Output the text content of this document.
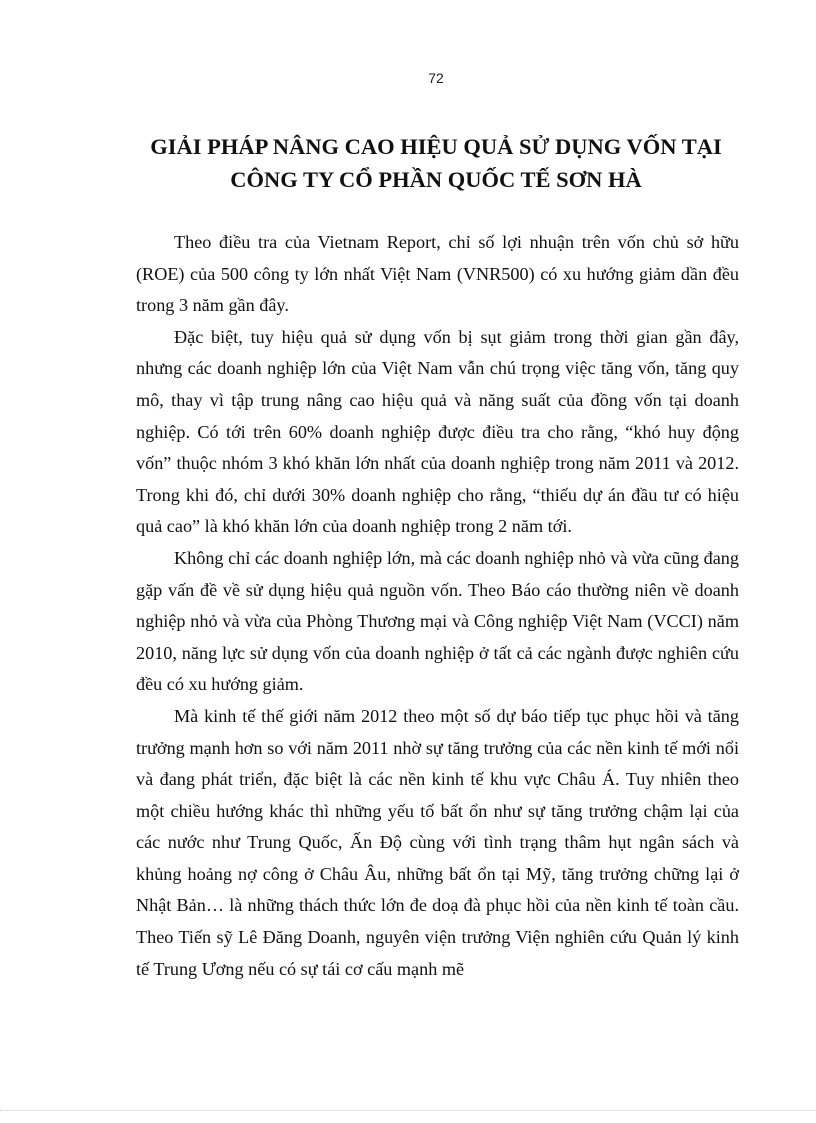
72
GIẢI PHÁP NÂNG CAO HIỆU QUẢ SỬ DỤNG VỐN TẠI
CÔNG TY CỔ PHẦN QUỐC TẾ SƠN HÀ

Theo điều tra của Vietnam Report, chỉ số lợi nhuận trên vốn chủ sở hữu (ROE) của 500 công ty lớn nhất Việt Nam (VNR500) có xu hướng giảm dần đều trong 3 năm gần đây.

Đặc biệt, tuy hiệu quả sử dụng vốn bị sụt giảm trong thời gian gần đây, nhưng các doanh nghiệp lớn của Việt Nam vẫn chú trọng việc tăng vốn, tăng quy mô, thay vì tập trung nâng cao hiệu quả và năng suất của đồng vốn tại doanh nghiệp. Có tới trên 60% doanh nghiệp được điều tra cho rằng, “khó huy động vốn” thuộc nhóm 3 khó khăn lớn nhất của doanh nghiệp trong năm 2011 và 2012. Trong khi đó, chỉ dưới 30% doanh nghiệp cho rằng, “thiếu dự án đầu tư có hiệu quả cao” là khó khăn lớn của doanh nghiệp trong 2 năm tới.

Không chỉ các doanh nghiệp lớn, mà các doanh nghiệp nhỏ và vừa cũng đang gặp vấn đề về sử dụng hiệu quả nguồn vốn. Theo Báo cáo thường niên về doanh nghiệp nhỏ và vừa của Phòng Thương mại và Công nghiệp Việt Nam (VCCI) năm 2010, năng lực sử dụng vốn của doanh nghiệp ở tất cả các ngành được nghiên cứu đều có xu hướng giảm.

Mà kinh tế thế giới năm 2012 theo một số dự báo tiếp tục phục hồi và tăng trưởng mạnh hơn so với năm 2011 nhờ sự tăng trưởng của các nền kinh tế mới nổi và đang phát triển, đặc biệt là các nền kinh tế khu vực Châu Á. Tuy nhiên theo một chiều hướng khác thì những yếu tố bất ổn như sự tăng trưởng chậm lại của các nước như Trung Quốc, Ấn Độ cùng với tình trạng thâm hụt ngân sách và khủng hoảng nợ công ở Châu Âu, những bất ổn tại Mỹ, tăng trưởng chững lại ở Nhật Bản… là những thách thức lớn đe doạ đà phục hồi của nền kinh tế toàn cầu. Theo Tiến sỹ Lê Đăng Doanh, nguyên viện trưởng Viện nghiên cứu Quản lý kinh tế Trung Ương nếu có sự tái cơ cấu mạnh mẽ
